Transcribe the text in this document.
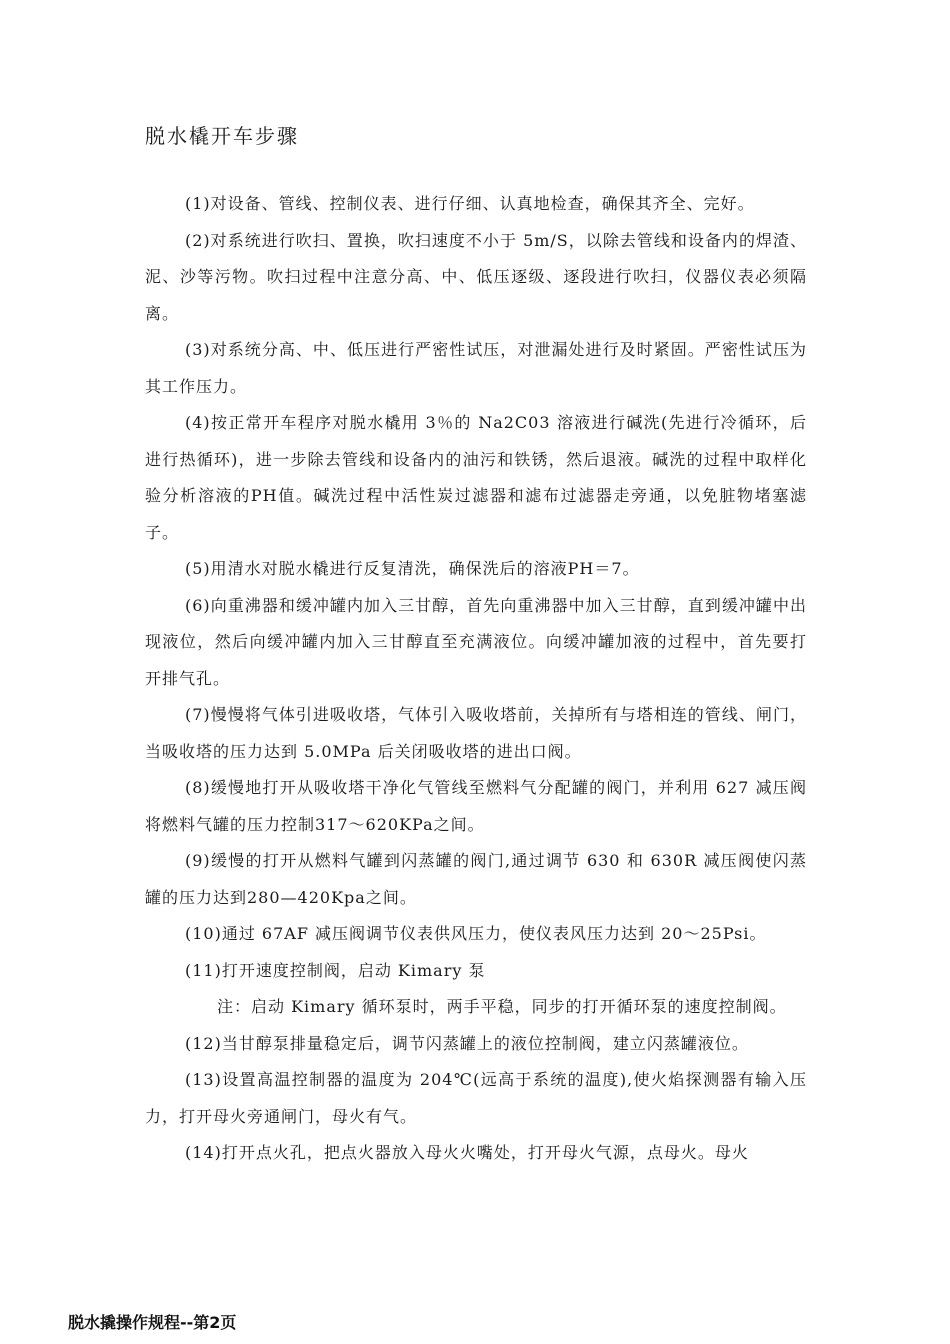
脱水橇开车步骤

(1)对设备、管线、控制仪表、进行仔细、认真地检查，确保其齐全、完好。

(2)对系统进行吹扫、置换，吹扫速度不小于 5m/S，以除去管线和设备内的焊渣、泥、沙等污物。吹扫过程中注意分高、中、低压逐级、逐段进行吹扫，仪器仪表必须隔离。

(3)对系统分高、中、低压进行严密性试压，对泄漏处进行及时紧固。严密性试压为其工作压力。

(4)按正常开车程序对脱水橇用 3％的 Na2C03 溶液进行碱洗(先进行冷循环，后进行热循环)，进一步除去管线和设备内的油污和铁锈，然后退液。碱洗的过程中取样化验分析溶液的PH值。碱洗过程中活性炭过滤器和滤布过滤器走旁通，以免脏物堵塞滤子。

(5)用清水对脱水橇进行反复清洗，确保洗后的溶液PH＝7。

(6)向重沸器和缓冲罐内加入三甘醇，首先向重沸器中加入三甘醇，直到缓冲罐中出现液位，然后向缓冲罐内加入三甘醇直至充满液位。向缓冲罐加液的过程中，首先要打开排气孔。

(7)慢慢将气体引进吸收塔，气体引入吸收塔前，关掉所有与塔相连的管线、闸门，当吸收塔的压力达到 5.0MPa 后关闭吸收塔的进出口阀。

(8)缓慢地打开从吸收塔干净化气管线至燃料气分配罐的阀门，并利用 627 减压阀将燃料气罐的压力控制317～620KPa之间。

(9)缓慢的打开从燃料气罐到闪蒸罐的阀门,通过调节 630 和 630R 减压阀使闪蒸罐的压力达到280—420Kpa之间。

(10)通过 67AF 减压阀调节仪表供风压力，使仪表风压力达到 20～25Psi。

(11)打开速度控制阀，启动 Kimary 泵

注：启动 Kimary 循环泵时，两手平稳，同步的打开循环泵的速度控制阀。

(12)当甘醇泵排量稳定后，调节闪蒸罐上的液位控制阀，建立闪蒸罐液位。

(13)设置高温控制器的温度为 204℃(远高于系统的温度),使火焰探测器有输入压力，打开母火旁通闸门，母火有气。

(14)打开点火孔，把点火器放入母火火嘴处，打开母火气源，点母火。母火

脱水撬操作规程--第2页
